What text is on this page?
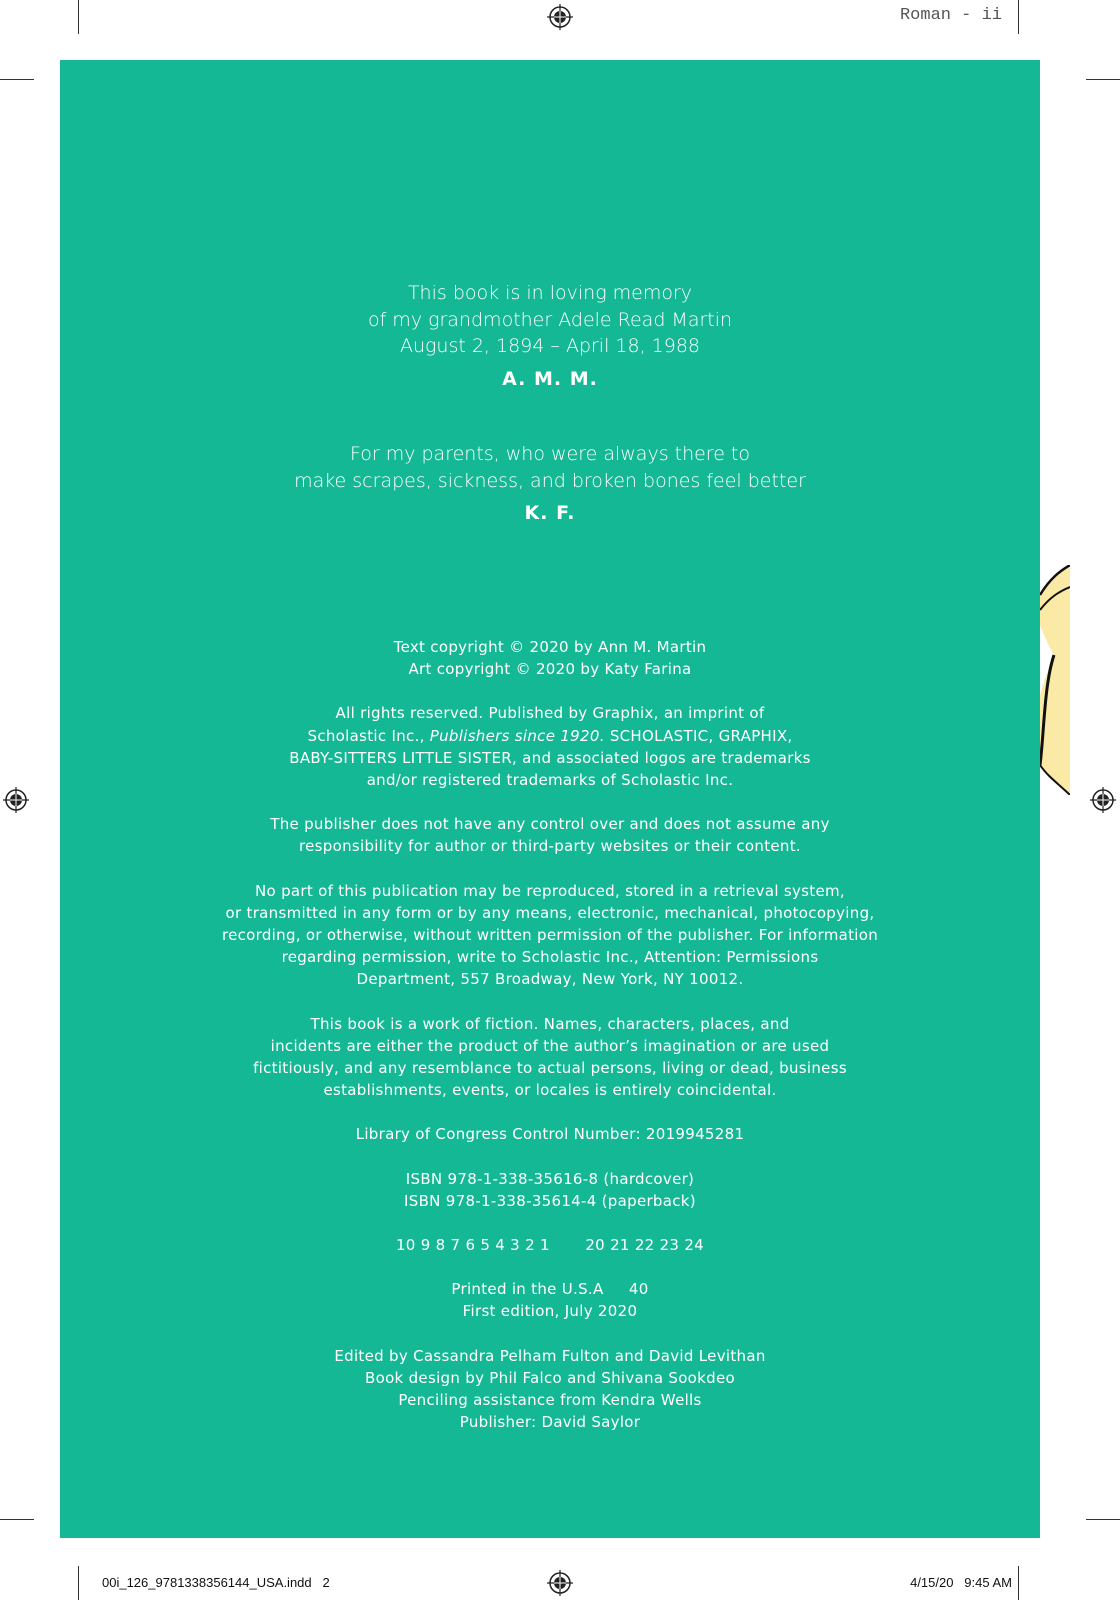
Roman - ii
This book is in loving memory
of my grandmother Adele Read Martin
August 2, 1894 – April 18, 1988
A. M. M.
For my parents, who were always there to
make scrapes, sickness, and broken bones feel better
K. F.

Text copyright © 2020 by Ann M. Martin
Art copyright © 2020 by Katy Farina

All rights reserved. Published by Graphix, an imprint of
Scholastic Inc., Publishers since 1920. SCHOLASTIC, GRAPHIX,
BABY-SITTERS LITTLE SISTER, and associated logos are trademarks
and/or registered trademarks of Scholastic Inc.

The publisher does not have any control over and does not assume any
responsibility for author or third-party websites or their content.

No part of this publication may be reproduced, stored in a retrieval system,
or transmitted in any form or by any means, electronic, mechanical, photocopying,
recording, or otherwise, without written permission of the publisher. For information
regarding permission, write to Scholastic Inc., Attention: Permissions
Department, 557 Broadway, New York, NY 10012.

This book is a work of fiction. Names, characters, places, and
incidents are either the product of the author’s imagination or are used
fictitiously, and any resemblance to actual persons, living or dead, business
establishments, events, or locales is entirely coincidental.

Library of Congress Control Number: 2019945281

ISBN 978-1-338-35616-8 (hardcover)
ISBN 978-1-338-35614-4 (paperback)

10 9 8 7 6 5 4 3 2 1       20 21 22 23 24

Printed in the U.S.A     40
First edition, July 2020

Edited by Cassandra Pelham Fulton and David Levithan
Book design by Phil Falco and Shivana Sookdeo
Penciling assistance from Kendra Wells
Publisher: David Saylor

00i_126_9781338356144_USA.indd   2	4/15/20   9:45 AM
